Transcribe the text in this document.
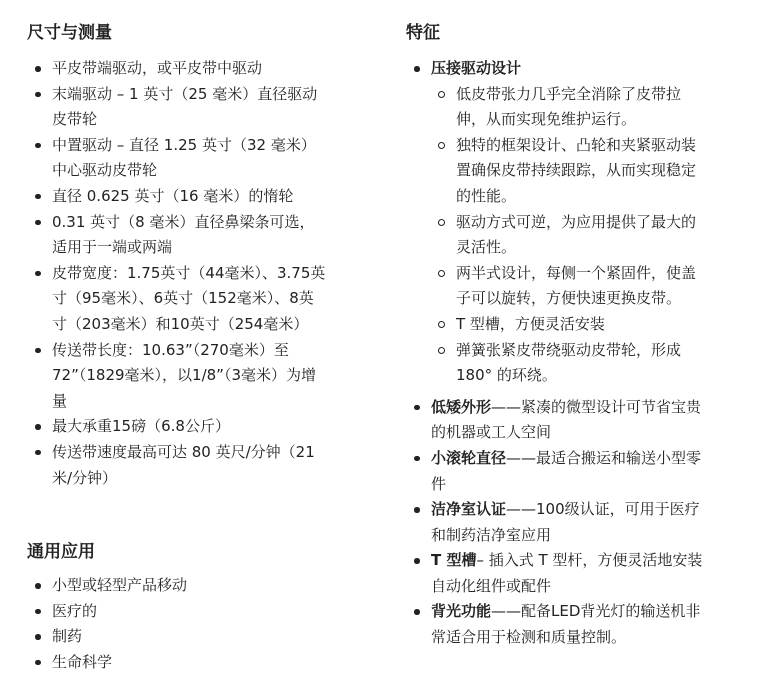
尺寸与测量
平皮带端驱动，或平皮带中驱动
末端驱动 – 1 英寸（25 毫米）直径驱动皮带轮
中置驱动 – 直径 1.25 英寸（32 毫米）中心驱动皮带轮
直径 0.625 英寸（16 毫米）的惰轮
0.31 英寸（8 毫米）直径鼻梁条可选，适用于一端或两端
皮带宽度：1.75英寸（44毫米）、3.75英寸（95毫米）、6英寸（152毫米）、8英寸（203毫米）和10英寸（254毫米）
传送带长度：10.63”（270毫米）至72”（1829毫米），以1/8”（3毫米）为增量
最大承重15磅（6.8公斤）
传送带速度最高可达 80 英尺/分钟（21米/分钟）
通用应用
小型或轻型产品移动
医疗的
制药
生命科学
特征
压接驱动设计
低皮带张力几乎完全消除了皮带拉伸，从而实现免维护运行。
独特的框架设计、凸轮和夹紧驱动装置确保皮带持续跟踪，从而实现稳定的性能。
驱动方式可逆，为应用提供了最大的灵活性。
两半式设计，每侧一个紧固件，使盖子可以旋转，方便快速更换皮带。
T 型槽，方便灵活安装
弹簧张紧皮带绕驱动皮带轮，形成180° 的环绕。
低矮外形——紧凑的微型设计可节省宝贵的机器或工人空间
小滚轮直径——最适合搬运和输送小型零件
洁净室认证——100级认证，可用于医疗和制药洁净室应用
T 型槽– 插入式 T 型杆，方便灵活地安装自动化组件或配件
背光功能——配备LED背光灯的输送机非常适合用于检测和质量控制。
